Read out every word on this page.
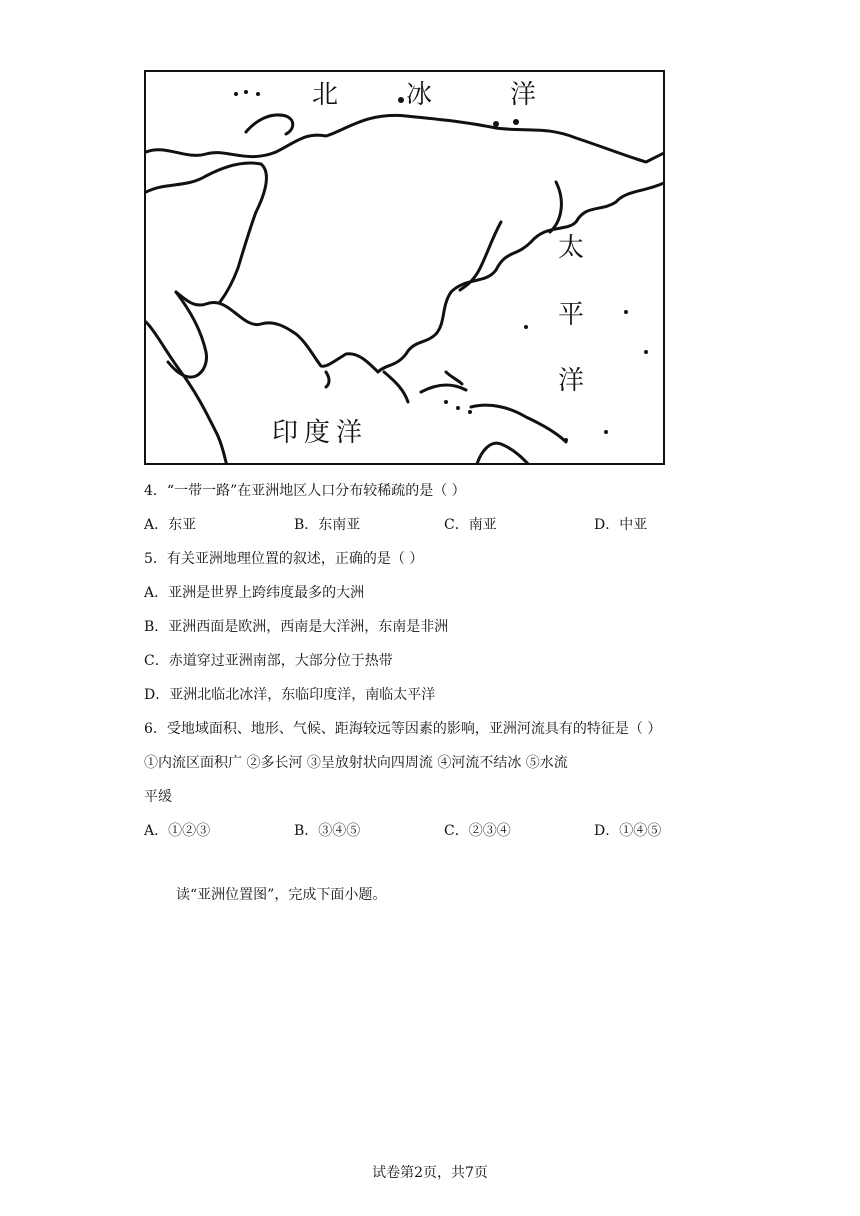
北	冰	洋
太
平
洋
印度洋
4．“一带一路”在亚洲地区人口分布较稀疏的是（ ）
A．东亚	B．东南亚	C．南亚	D．中亚
5．有关亚洲地理位置的叙述，正确的是（ ）
A．亚洲是世界上跨纬度最多的大洲
B．亚洲西面是欧洲，西南是大洋洲，东南是非洲
C．赤道穿过亚洲南部，大部分位于热带
D．亚洲北临北冰洋，东临印度洋，南临太平洋
6．受地域面积、地形、气候、距海较远等因素的影响，亚洲河流具有的特征是（ ）
①内流区面积广 ②多长河 ③呈放射状向四周流 ④河流不结冰 ⑤水流
平缓
A．①②③	B．③④⑤	C．②③④	D．①④⑤
读“亚洲位置图”，完成下面小题。
试卷第2页，共7页
